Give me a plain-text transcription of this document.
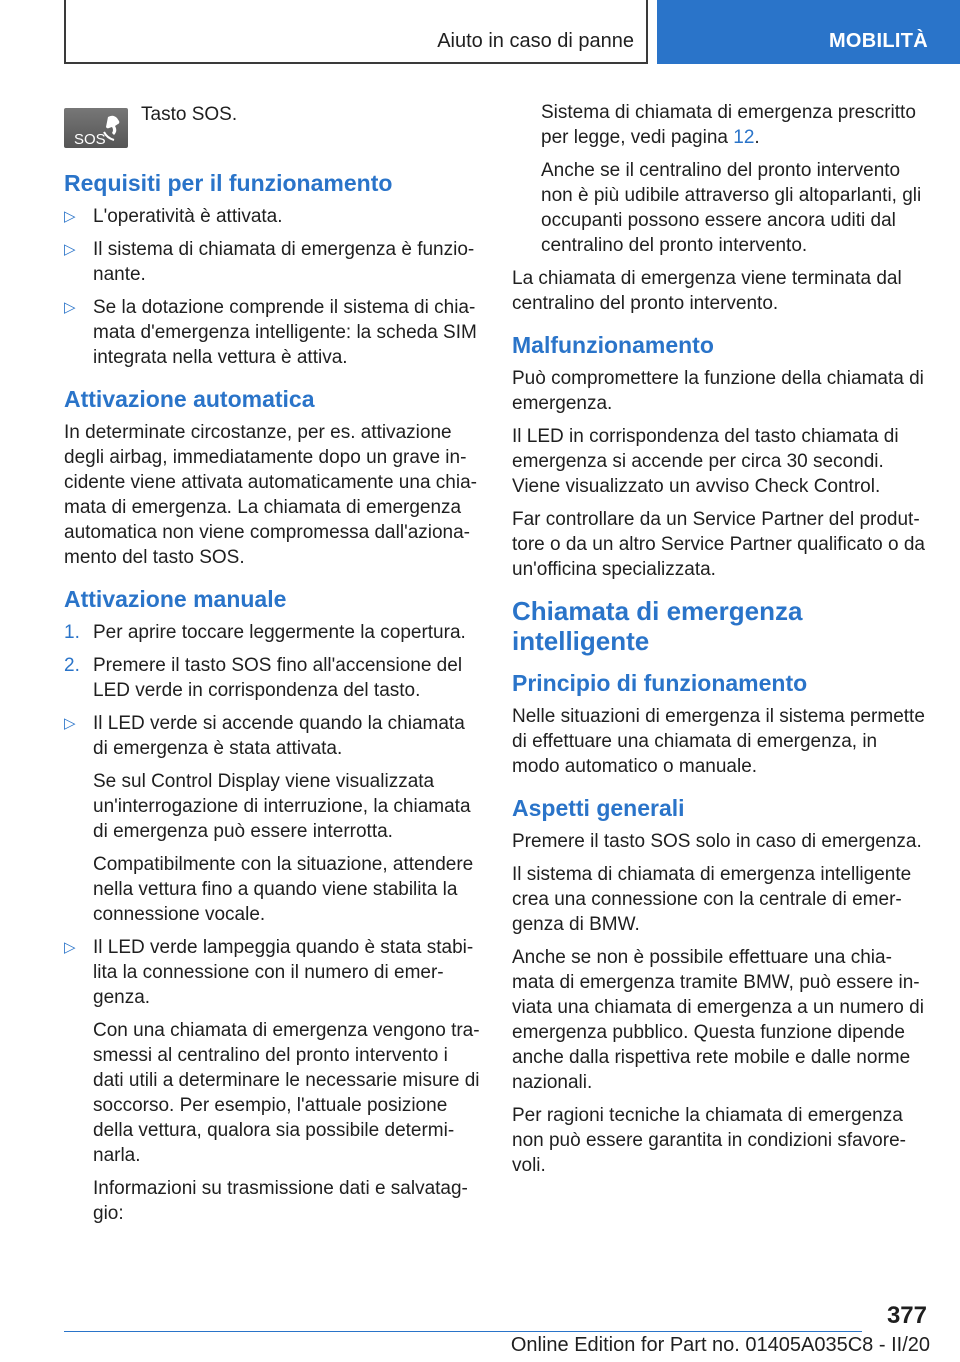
Aiuto in caso di panne	MOBILITÀ
SOS
Tasto SOS.
Requisiti per il funzionamento
▷ L'operatività è attivata.
▷ Il sistema di chiamata di emergenza è funzio-nante.
▷ Se la dotazione comprende il sistema di chia-mata d'emergenza intelligente: la scheda SIM integrata nella vettura è attiva.
Attivazione automatica
In determinate circostanze, per es. attivazione degli airbag, immediatamente dopo un grave in-cidente viene attivata automaticamente una chia-mata di emergenza. La chiamata di emergenza automatica non viene compromessa dall'aziona-mento del tasto SOS.
Attivazione manuale
1. Per aprire toccare leggermente la copertura.
2. Premere il tasto SOS fino all'accensione del LED verde in corrispondenza del tasto.
▷ Il LED verde si accende quando la chiamata di emergenza è stata attivata.
Se sul Control Display viene visualizzata un'interrogazione di interruzione, la chiamata di emergenza può essere interrotta.
Compatibilmente con la situazione, attendere nella vettura fino a quando viene stabilita la connessione vocale.
▷ Il LED verde lampeggia quando è stata stabi-lita la connessione con il numero di emer-genza.
Con una chiamata di emergenza vengono tra-smessi al centralino del pronto intervento i dati utili a determinare le necessarie misure di soccorso. Per esempio, l'attuale posizione della vettura, qualora sia possibile determi-narla.
Informazioni su trasmissione dati e salvatag-gio:
Sistema di chiamata di emergenza prescritto per legge, vedi pagina 12.
Anche se il centralino del pronto intervento non è più udibile attraverso gli altoparlanti, gli occupanti possono essere ancora uditi dal centralino del pronto intervento.
La chiamata di emergenza viene terminata dal centralino del pronto intervento.
Malfunzionamento
Può compromettere la funzione della chiamata di emergenza.
Il LED in corrispondenza del tasto chiamata di emergenza si accende per circa 30 secondi. Viene visualizzato un avviso Check Control.
Far controllare da un Service Partner del produt-tore o da un altro Service Partner qualificato o da un'officina specializzata.
Chiamata di emergenza intelligente
Principio di funzionamento
Nelle situazioni di emergenza il sistema permette di effettuare una chiamata di emergenza, in modo automatico o manuale.
Aspetti generali
Premere il tasto SOS solo in caso di emergenza.
Il sistema di chiamata di emergenza intelligente crea una connessione con la centrale di emer-genza di BMW.
Anche se non è possibile effettuare una chia-mata di emergenza tramite BMW, può essere in-viata una chiamata di emergenza a un numero di emergenza pubblico. Questa funzione dipende anche dalla rispettiva rete mobile e dalle norme nazionali.
Per ragioni tecniche la chiamata di emergenza non può essere garantita in condizioni sfavore-voli.
377
Online Edition for Part no. 01405A035C8 - II/20
